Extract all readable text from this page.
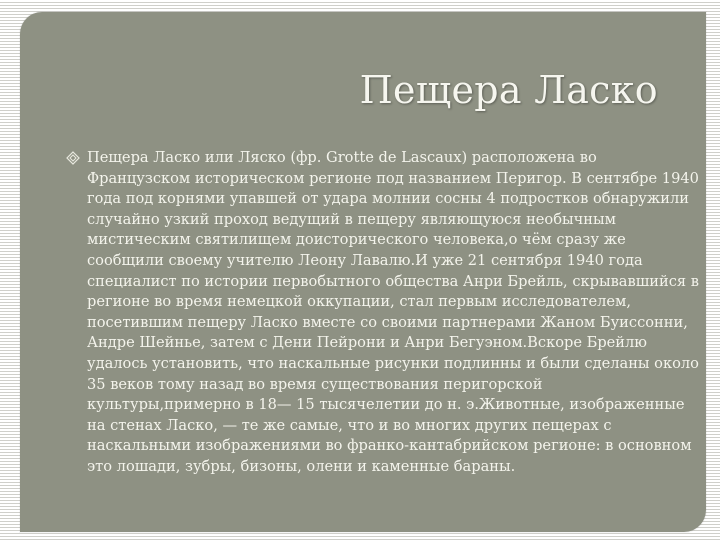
Пещера Ласко

Пещера Ласко или Ляско (фр. Grotte de Lascaux) расположена во Французском историческом регионе под названием Перигор. В сентябре 1940 года под корнями упавшей от удара молнии сосны 4 подростков обнаружили случайно узкий проход ведущий в пещеру являющуюся необычным мистическим святилищем доисторического человека,о чём сразу же сообщили своему учителю Леону Лавалю.И уже 21 сентября 1940 года специалист по истории первобытного общества Анри Брейль, скрывавшийся в регионе во время немецкой оккупации, стал первым исследователем, посетившим пещеру Ласко вместе со своими партнерами Жаном Буиссонни, Андре Шейнье, затем с Дени Пейрони и Анри Бегуэном.Вскоре Брейлю удалось установить, что наскальные рисунки подлинны и были сделаны около 35 веков тому назад во время существования перигорской культуры,примерно в 18— 15 тысячелетии до н. э.Животные, изображенные на стенах Ласко, — те же самые, что и во многих других пещерах с наскальными изображениями во франко-кантабрийском регионе: в основном это лошади, зубры, бизоны, олени и каменные бараны.
